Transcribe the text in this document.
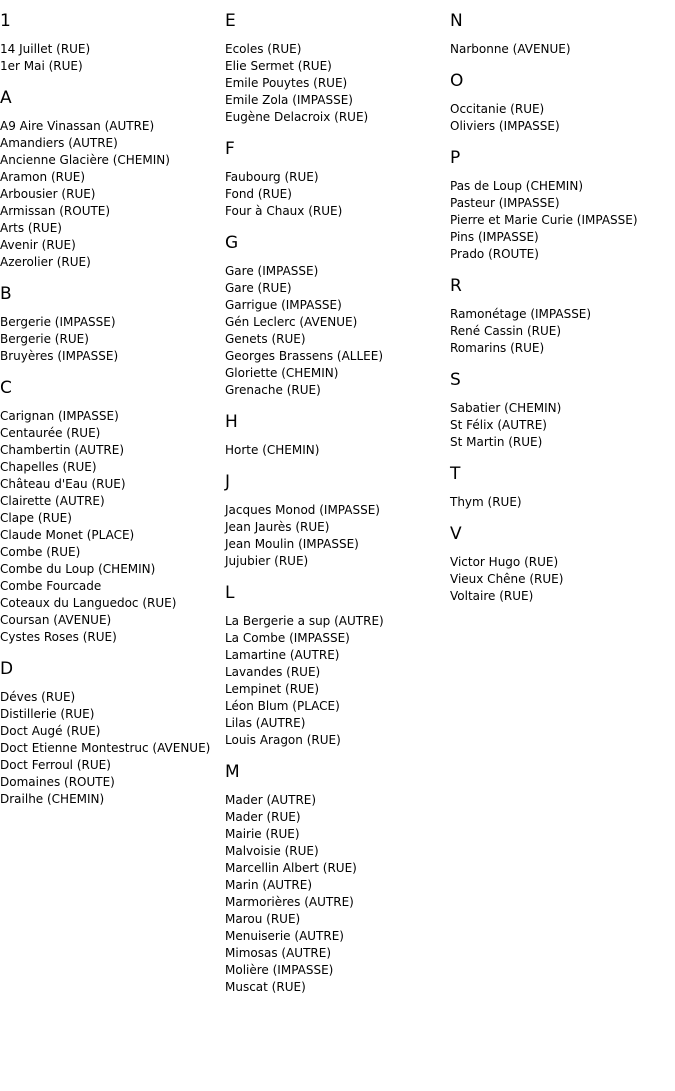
1
14 Juillet (RUE)
1er Mai (RUE)
A
A9 Aire Vinassan (AUTRE)
Amandiers (AUTRE)
Ancienne Glacière (CHEMIN)
Aramon (RUE)
Arbousier (RUE)
Armissan (ROUTE)
Arts (RUE)
Avenir (RUE)
Azerolier (RUE)
B
Bergerie (IMPASSE)
Bergerie (RUE)
Bruyères (IMPASSE)
C
Carignan (IMPASSE)
Centaurée (RUE)
Chambertin (AUTRE)
Chapelles (RUE)
Château d'Eau (RUE)
Clairette (AUTRE)
Clape (RUE)
Claude Monet (PLACE)
Combe (RUE)
Combe du Loup (CHEMIN)
Combe Fourcade
Coteaux du Languedoc (RUE)
Coursan (AVENUE)
Cystes Roses (RUE)
D
Déves (RUE)
Distillerie (RUE)
Doct Augé (RUE)
Doct Etienne Montestruc (AVENUE)
Doct Ferroul (RUE)
Domaines (ROUTE)
Drailhe (CHEMIN)
E
Ecoles (RUE)
Elie Sermet (RUE)
Emile Pouytes (RUE)
Emile Zola (IMPASSE)
Eugène Delacroix (RUE)
F
Faubourg (RUE)
Fond (RUE)
Four à Chaux (RUE)
G
Gare (IMPASSE)
Gare (RUE)
Garrigue (IMPASSE)
Gén Leclerc (AVENUE)
Genets (RUE)
Georges Brassens (ALLEE)
Gloriette (CHEMIN)
Grenache (RUE)
H
Horte (CHEMIN)
J
Jacques Monod (IMPASSE)
Jean Jaurès (RUE)
Jean Moulin (IMPASSE)
Jujubier (RUE)
L
La Bergerie a sup (AUTRE)
La Combe (IMPASSE)
Lamartine (AUTRE)
Lavandes (RUE)
Lempinet (RUE)
Léon Blum (PLACE)
Lilas (AUTRE)
Louis Aragon (RUE)
M
Mader (AUTRE)
Mader (RUE)
Mairie (RUE)
Malvoisie (RUE)
Marcellin Albert (RUE)
Marin (AUTRE)
Marmorières (AUTRE)
Marou (RUE)
Menuiserie (AUTRE)
Mimosas (AUTRE)
Molière (IMPASSE)
Muscat (RUE)
N
Narbonne (AVENUE)
O
Occitanie (RUE)
Oliviers (IMPASSE)
P
Pas de Loup (CHEMIN)
Pasteur (IMPASSE)
Pierre et Marie Curie (IMPASSE)
Pins (IMPASSE)
Prado (ROUTE)
R
Ramonétage (IMPASSE)
René Cassin (RUE)
Romarins (RUE)
S
Sabatier (CHEMIN)
St Félix (AUTRE)
St Martin (RUE)
T
Thym (RUE)
V
Victor Hugo (RUE)
Vieux Chêne (RUE)
Voltaire (RUE)
